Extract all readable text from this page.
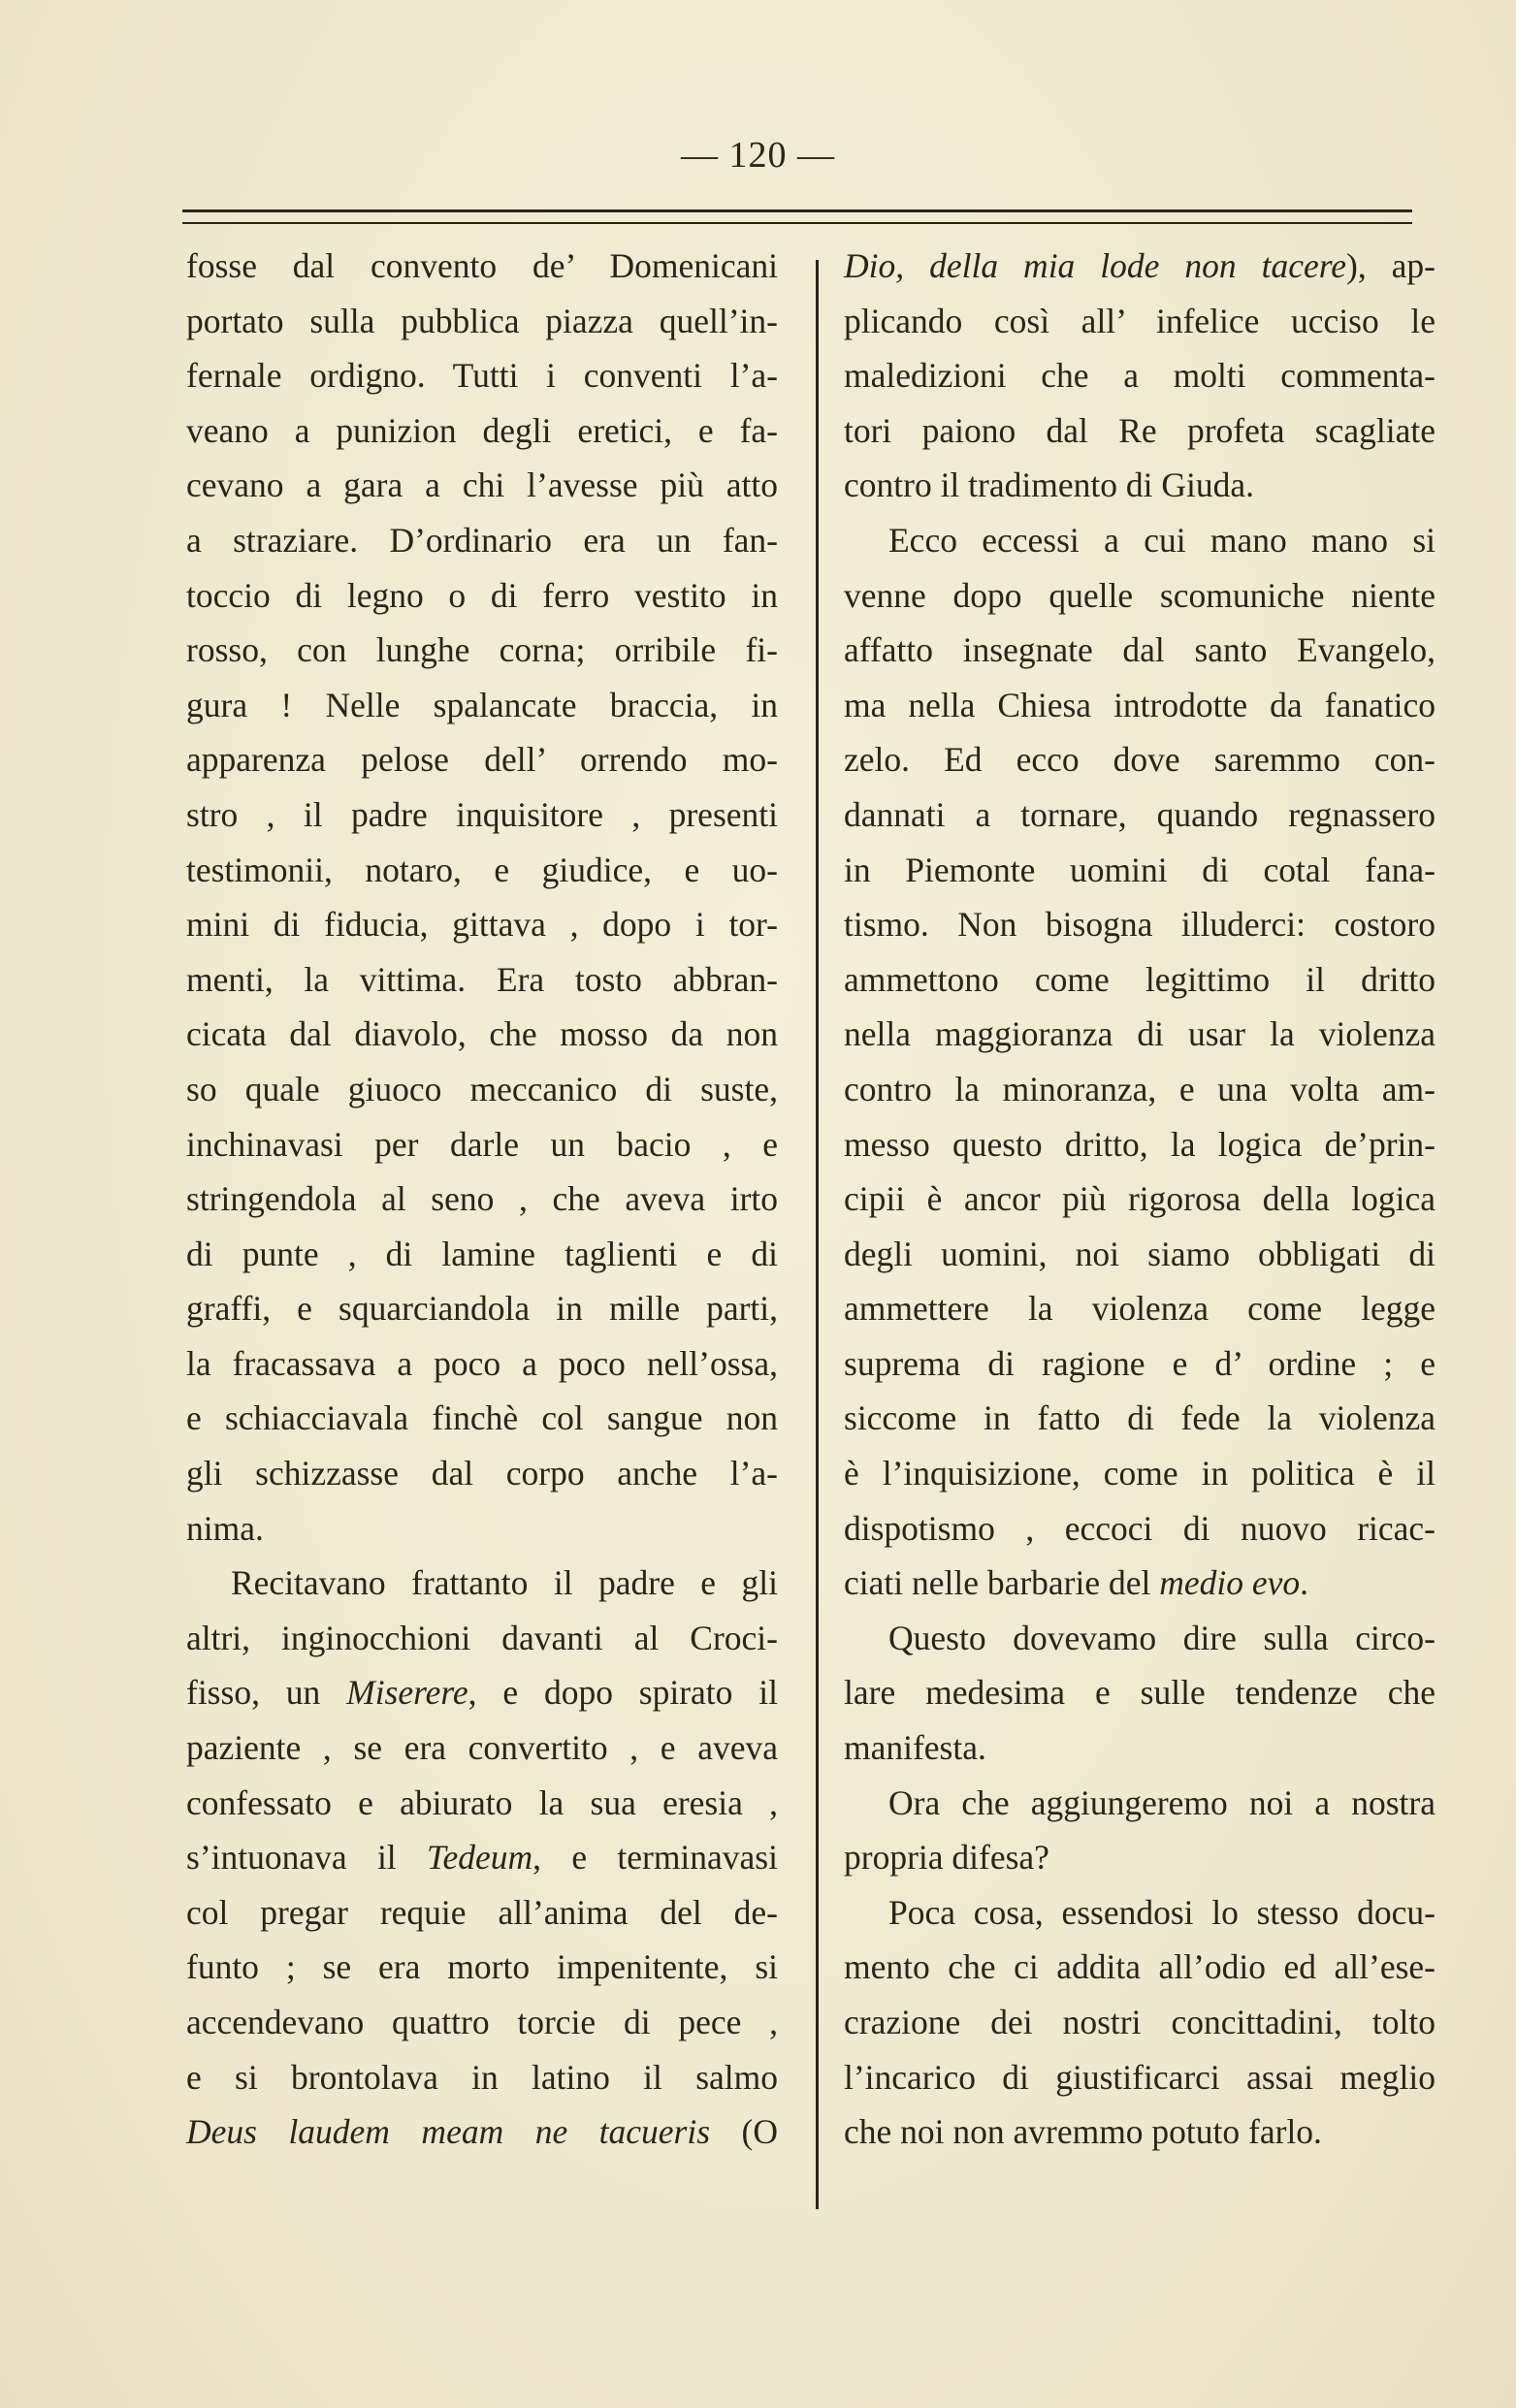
— 120 —
fosse dal convento de’ Domenicani
portato sulla pubblica piazza quell’in-
fernale ordigno. Tutti i conventi l’a-
veano a punizion degli eretici, e fa-
cevano a gara a chi l’avesse più atto
a straziare. D’ordinario era un fan-
toccio di legno o di ferro vestito in
rosso, con lunghe corna; orribile fi-
gura ! Nelle spalancate braccia, in
apparenza pelose dell’ orrendo mo-
stro , il padre inquisitore , presenti
testimonii, notaro, e giudice, e uo-
mini di fiducia, gittava , dopo i tor-
menti, la vittima. Era tosto abbran-
cicata dal diavolo, che mosso da non
so quale giuoco meccanico di suste,
inchinavasi per darle un bacio , e
stringendola al seno , che aveva irto
di punte , di lamine taglienti e di
graffi, e squarciandola in mille parti,
la fracassava a poco a poco nell’ossa,
e schiacciavala finchè col sangue non
gli schizzasse dal corpo anche l’a-
nima.
Recitavano frattanto il padre e gli
altri, inginocchioni davanti al Croci-
fisso, un Miserere, e dopo spirato il
paziente , se era convertito , e aveva
confessato e abiurato la sua eresia ,
s’intuonava il Tedeum, e terminavasi
col pregar requie all’anima del de-
funto ; se era morto impenitente, si
accendevano quattro torcie di pece ,
e si brontolava in latino il salmo
Deus laudem meam ne tacueris (O
Dio, della mia lode non tacere), ap-
plicando così all’ infelice ucciso le
maledizioni che a molti commenta-
tori paiono dal Re profeta scagliate
contro il tradimento di Giuda.
Ecco eccessi a cui mano mano si
venne dopo quelle scomuniche niente
affatto insegnate dal santo Evangelo,
ma nella Chiesa introdotte da fanatico
zelo. Ed ecco dove saremmo con-
dannati a tornare, quando regnassero
in Piemonte uomini di cotal fana-
tismo. Non bisogna illuderci: costoro
ammettono come legittimo il dritto
nella maggioranza di usar la violenza
contro la minoranza, e una volta am-
messo questo dritto, la logica de’prin-
cipii è ancor più rigorosa della logica
degli uomini, noi siamo obbligati di
ammettere la violenza come legge
suprema di ragione e d’ ordine ; e
siccome in fatto di fede la violenza
è l’inquisizione, come in politica è il
dispotismo , eccoci di nuovo ricac-
ciati nelle barbarie del medio evo.
Questo dovevamo dire sulla circo-
lare medesima e sulle tendenze che
manifesta.
Ora che aggiungeremo noi a nostra
propria difesa?
Poca cosa, essendosi lo stesso docu-
mento che ci addita all’odio ed all’ese-
crazione dei nostri concittadini, tolto
l’incarico di giustificarci assai meglio
che noi non avremmo potuto farlo.
